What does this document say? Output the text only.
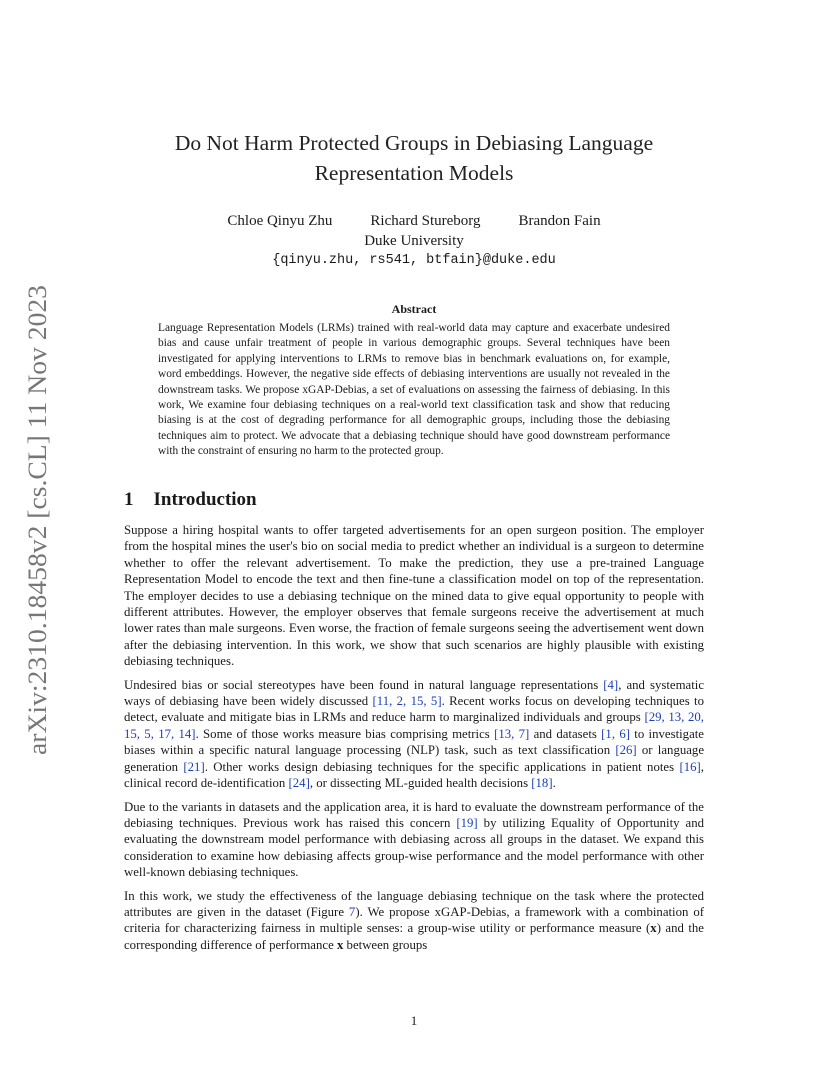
arXiv:2310.18458v2 [cs.CL] 11 Nov 2023
Do Not Harm Protected Groups in Debiasing Language
Representation Models
Chloe Qinyu Zhu	Richard Stureborg	Brandon Fain
Duke University
{qinyu.zhu, rs541, btfain}@duke.edu
Abstract
Language Representation Models (LRMs) trained with real-world data may capture and exacerbate undesired bias and cause unfair treatment of people in various demographic groups. Several techniques have been investigated for applying interventions to LRMs to remove bias in benchmark evaluations on, for example, word embeddings. However, the negative side effects of debiasing interventions are usually not revealed in the downstream tasks. We propose xGAP-Debias, a set of evaluations on assessing the fairness of debiasing. In this work, We examine four debiasing techniques on a real-world text classification task and show that reducing biasing is at the cost of degrading performance for all demographic groups, including those the debiasing techniques aim to protect. We advocate that a debiasing technique should have good downstream performance with the constraint of ensuring no harm to the protected group.
1 Introduction

Suppose a hiring hospital wants to offer targeted advertisements for an open surgeon position. The employer from the hospital mines the user's bio on social media to predict whether an individual is a surgeon to determine whether to offer the relevant advertisement. To make the prediction, they use a pre-trained Language Representation Model to encode the text and then fine-tune a classification model on top of the representation. The employer decides to use a debiasing technique on the mined data to give equal opportunity to people with different attributes. However, the employer observes that female surgeons receive the advertisement at much lower rates than male surgeons. Even worse, the fraction of female surgeons seeing the advertisement went down after the debiasing intervention. In this work, we show that such scenarios are highly plausible with existing debiasing techniques.

Undesired bias or social stereotypes have been found in natural language representations [4], and systematic ways of debiasing have been widely discussed [11, 2, 15, 5]. Recent works focus on developing techniques to detect, evaluate and mitigate bias in LRMs and reduce harm to marginalized individuals and groups [29, 13, 20, 15, 5, 17, 14]. Some of those works measure bias comprising metrics [13, 7] and datasets [1, 6] to investigate biases within a specific natural language processing (NLP) task, such as text classification [26] or language generation [21]. Other works design debiasing techniques for the specific applications in patient notes [16], clinical record de-identification [24], or dissecting ML-guided health decisions [18].

Due to the variants in datasets and the application area, it is hard to evaluate the downstream performance of the debiasing techniques. Previous work has raised this concern [19] by utilizing Equality of Opportunity and evaluating the downstream model performance with debiasing across all groups in the dataset. We expand this consideration to examine how debiasing affects group-wise performance and the model performance with other well-known debiasing techniques.

In this work, we study the effectiveness of the language debiasing technique on the task where the protected attributes are given in the dataset (Figure 7). We propose xGAP-Debias, a framework with a combination of criteria for characterizing fairness in multiple senses: a group-wise utility or performance measure (x) and the corresponding difference of performance x between groups

1
